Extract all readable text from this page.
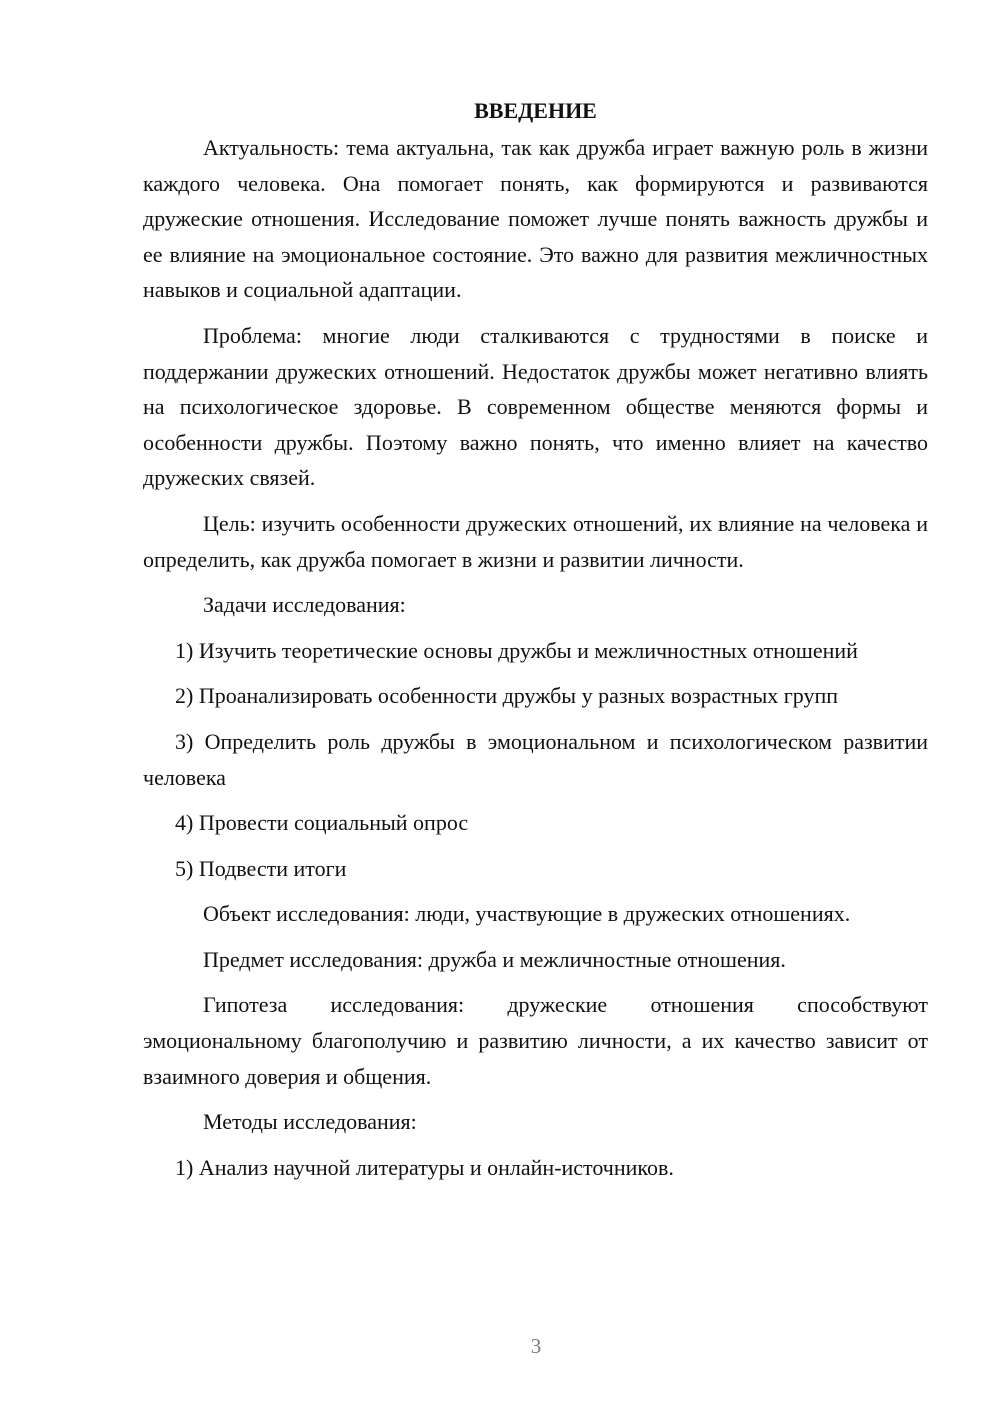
ВВЕДЕНИЕ

Актуальность: тема актуальна, так как дружба играет важную роль в жизни каждого человека. Она помогает понять, как формируются и развиваются дружеские отношения. Исследование поможет лучше понять важность дружбы и ее влияние на эмоциональное состояние. Это важно для развития межличностных навыков и социальной адаптации.

Проблема: многие люди сталкиваются с трудностями в поиске и поддержании дружеских отношений. Недостаток дружбы может негативно влиять на психологическое здоровье. В современном обществе меняются формы и особенности дружбы. Поэтому важно понять, что именно влияет на качество дружеских связей.

Цель: изучить особенности дружеских отношений, их влияние на человека и определить, как дружба помогает в жизни и развитии личности.

Задачи исследования:

1) Изучить теоретические основы дружбы и межличностных отношений

2) Проанализировать особенности дружбы у разных возрастных групп

3) Определить роль дружбы в эмоциональном и психологическом развитии человека

4) Провести социальный опрос

5) Подвести итоги

Объект исследования: люди, участвующие в дружеских отношениях.

Предмет исследования: дружба и межличностные отношения.

Гипотеза исследования: дружеские отношения способствуют эмоциональному благополучию и развитию личности, а их качество зависит от взаимного доверия и общения.

Методы исследования:

1) Анализ научной литературы и онлайн-источников.

3
